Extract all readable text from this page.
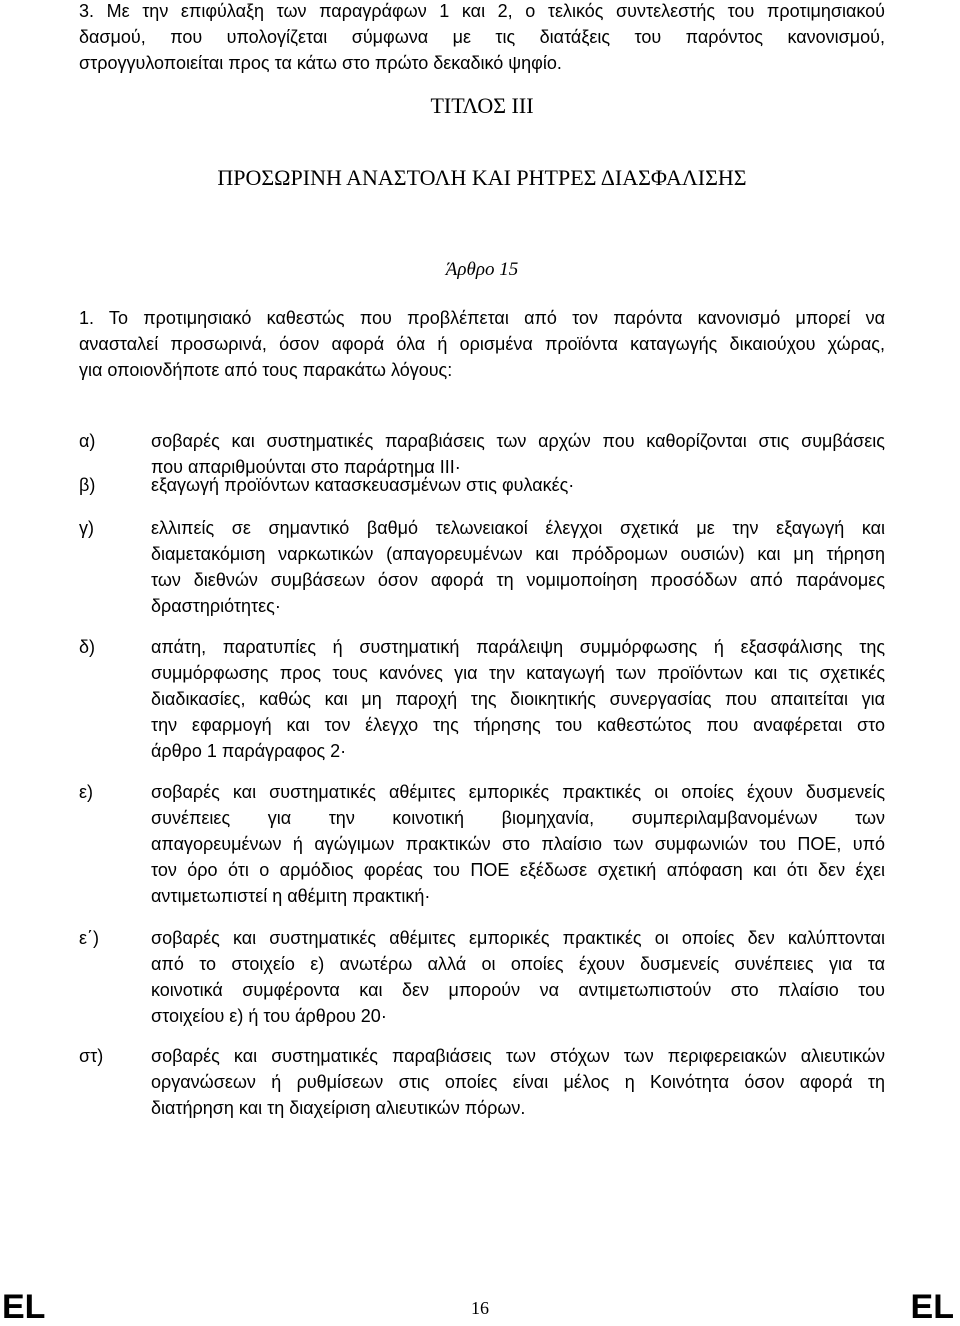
3. Με την επιφύλαξη των παραγράφων 1 και 2, ο τελικός συντελεστής του προτιμησιακού
δασμού, που υπολογίζεται σύμφωνα με τις διατάξεις του παρόντος κανονισμού,
στρογγυλοποιείται προς τα κάτω στο πρώτο δεκαδικό ψηφίο.
ΤΙΤΛΟΣ III
ΠΡΟΣΩΡΙΝΗ ΑΝΑΣΤΟΛΗ ΚΑΙ ΡΗΤΡΕΣ ΔΙΑΣΦΑΛΙΣΗΣ
Άρθρο 15
1. Το προτιμησιακό καθεστώς που προβλέπεται από τον παρόντα κανονισμό μπορεί να
ανασταλεί προσωρινά, όσον αφορά όλα ή ορισμένα προϊόντα καταγωγής δικαιούχου χώρας,
για οποιονδήποτε από τους παρακάτω λόγους:
α)	σοβαρές και συστηματικές παραβιάσεις των αρχών που καθορίζονται στις συμβάσεις
που απαριθμούνται στο παράρτημα III·
β)	εξαγωγή προϊόντων κατασκευασμένων στις φυλακές·
γ)	ελλιπείς σε σημαντικό βαθμό τελωνειακοί έλεγχοι σχετικά με την εξαγωγή και
διαμετακόμιση ναρκωτικών (απαγορευμένων και πρόδρομων ουσιών) και μη τήρηση
των διεθνών συμβάσεων όσον αφορά τη νομιμοποίηση προσόδων από παράνομες
δραστηριότητες·
δ)	απάτη, παρατυπίες ή συστηματική παράλειψη συμμόρφωσης ή εξασφάλισης της
συμμόρφωσης προς τους κανόνες για την καταγωγή των προϊόντων και τις σχετικές
διαδικασίες, καθώς και μη παροχή της διοικητικής συνεργασίας που απαιτείται για
την εφαρμογή και τον έλεγχο της τήρησης του καθεστώτος που αναφέρεται στο
άρθρο 1 παράγραφος 2·
ε)	σοβαρές και συστηματικές αθέμιτες εμπορικές πρακτικές οι οποίες έχουν δυσμενείς
συνέπειες για την κοινοτική βιομηχανία, συμπεριλαμβανομένων των
απαγορευμένων ή αγώγιμων πρακτικών στο πλαίσιο των συμφωνιών του ΠΟΕ, υπό
τον όρο ότι ο αρμόδιος φορέας του ΠΟΕ εξέδωσε σχετική απόφαση και ότι δεν έχει
αντιμετωπιστεί η αθέμιτη πρακτική·
ε΄)	σοβαρές και συστηματικές αθέμιτες εμπορικές πρακτικές οι οποίες δεν καλύπτονται
από το στοιχείο ε) ανωτέρω αλλά οι οποίες έχουν δυσμενείς συνέπειες για τα
κοινοτικά συμφέροντα και δεν μπορούν να αντιμετωπιστούν στο πλαίσιο του
στοιχείου ε) ή του άρθρου 20·
στ)	σοβαρές και συστηματικές παραβιάσεις των στόχων των περιφερειακών αλιευτικών
οργανώσεων ή ρυθμίσεων στις οποίες είναι μέλος η Κοινότητα όσον αφορά τη
διατήρηση και τη διαχείριση αλιευτικών πόρων.
EL	16	EL
